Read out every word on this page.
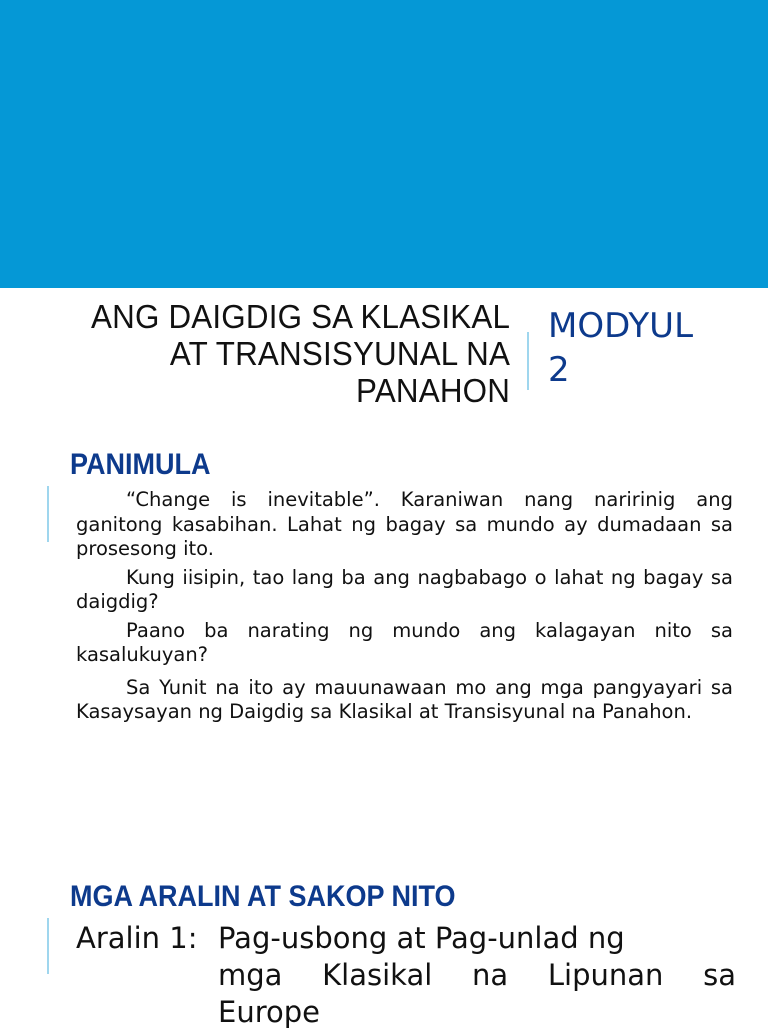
ANG DAIGDIG SA KLASIKAL
AT TRANSISYUNAL NA
PANAHON
MODYUL
2
PANIMULA

“Change is inevitable”. Karaniwan nang naririnig ang ganitong kasabihan. Lahat ng bagay sa mundo ay dumadaan sa prosesong ito.

Kung iisipin, tao lang ba ang nagbabago o lahat ng bagay sa daigdig?

Paano ba narating ng mundo ang kalagayan nito sa kasalukuyan?

Sa Yunit na ito ay mauunawaan mo ang mga pangyayari sa Kasaysayan ng Daigdig sa Klasikal at Transisyunal na Panahon.

MGA ARALIN AT SAKOP NITO
Aralin 1: Pag-usbong at Pag-unlad ng
mga Klasikal na Lipunan sa
Europe
